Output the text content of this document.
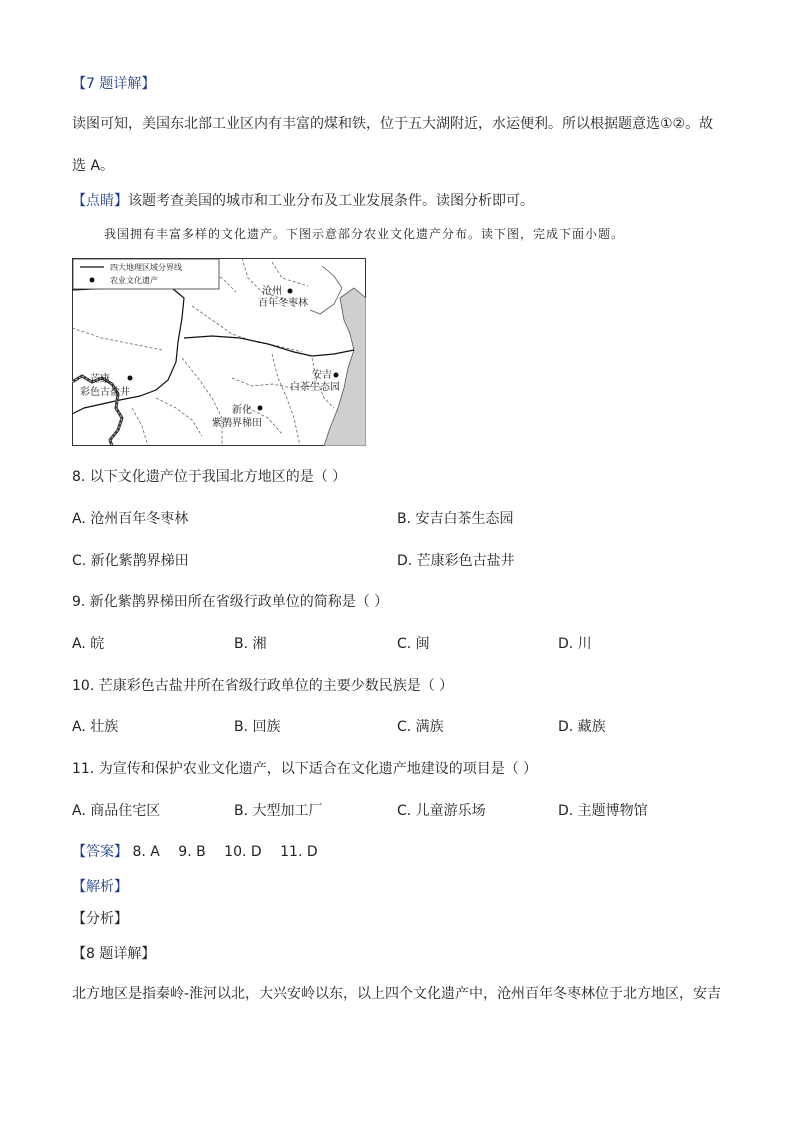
【7 题详解】
读图可知，美国东北部工业区内有丰富的煤和铁，位于五大湖附近，水运便利。所以根据题意选①②。故
选 A。
【点睛】该题考查美国的城市和工业分布及工业发展条件。读图分析即可。
我国拥有丰富多样的文化遗产。下图示意部分农业文化遗产分布。读下图，完成下面小题。
四大地理区域分界线
农业文化遗产
沧州
百年冬枣林
安吉
白茶生态园
芒康
彩色古盐井
新化
紫鹊界梯田
8. 以下文化遗产位于我国北方地区的是（ ）
A. 沧州百年冬枣林	B. 安吉白茶生态园
C. 新化紫鹊界梯田	D. 芒康彩色古盐井
9. 新化紫鹊界梯田所在省级行政单位的简称是（ ）
A. 皖	B. 湘	C. 闽	D. 川
10. 芒康彩色古盐井所在省级行政单位的主要少数民族是（ ）
A. 壮族	B. 回族	C. 满族	D. 藏族
11. 为宣传和保护农业文化遗产，以下适合在文化遗产地建设的项目是（ ）
A. 商品住宅区	B. 大型加工厂	C. 儿童游乐场	D. 主题博物馆
【答案】 8. A 9. B 10. D 11. D
【解析】
【分析】
【8 题详解】
北方地区是指秦岭-淮河以北，大兴安岭以东，以上四个文化遗产中，沧州百年冬枣林位于北方地区，安吉
